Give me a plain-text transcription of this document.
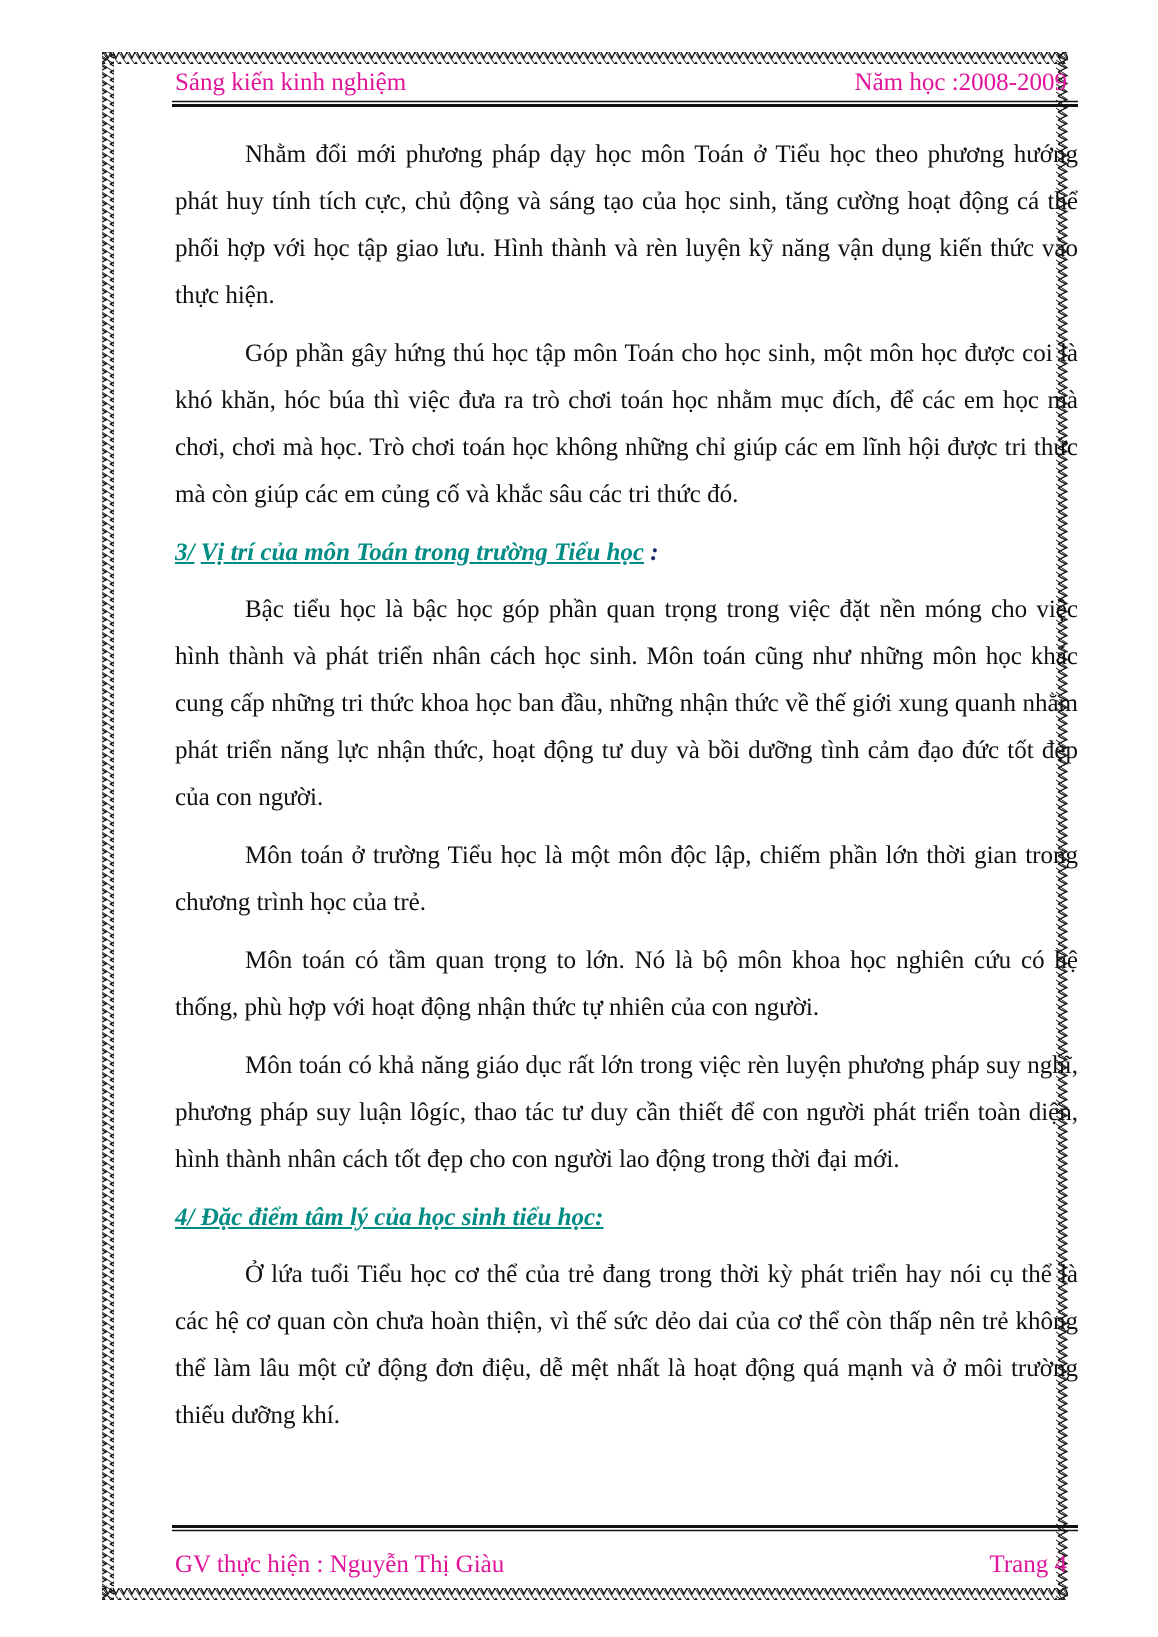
Sáng kiến kinh nghiệm	Năm học :2008-2009

Nhằm đổi mới phương pháp dạy học môn Toán ở Tiểu học theo phương hướng phát huy tính tích cực, chủ động và sáng tạo của học sinh, tăng cường hoạt động cá thể phối hợp với học tập giao lưu. Hình thành và rèn luyện kỹ năng vận dụng kiến thức vào thực hiện.

Góp phần gây hứng thú học tập môn Toán cho học sinh, một môn học được coi là khó khăn, hóc búa thì việc đưa ra trò chơi toán học nhằm mục đích, để các em học mà chơi, chơi mà học. Trò chơi toán học không những chỉ giúp các em lĩnh hội được tri thức mà còn giúp các em củng cố và khắc sâu các tri thức đó.

3/ Vị trí của môn Toán trong trường Tiểu học :

Bậc tiểu học là bậc học góp phần quan trọng trong việc đặt nền móng cho việc hình thành và phát triển nhân cách học sinh. Môn toán cũng như những môn học khác cung cấp những tri thức khoa học ban đầu, những nhận thức về thế giới xung quanh nhằm phát triển năng lực nhận thức, hoạt động tư duy và bồi dưỡng tình cảm đạo đức tốt đẹp của con người.

Môn toán ở trường Tiểu học là một môn độc lập, chiếm phần lớn thời gian trong chương trình học của trẻ.

Môn toán có tầm quan trọng to lớn. Nó là bộ môn khoa học nghiên cứu có hệ thống, phù hợp với hoạt động nhận thức tự nhiên của con người.

Môn toán có khả năng giáo dục rất lớn trong việc rèn luyện phương pháp suy nghĩ, phương pháp suy luận lôgíc, thao tác tư duy cần thiết để con người phát triển toàn diện, hình thành nhân cách tốt đẹp cho con người lao động trong thời đại mới.

4/ Đặc điểm tâm lý của học sinh tiểu học:

Ở lứa tuổi Tiểu học cơ thể của trẻ đang trong thời kỳ phát triển hay nói cụ thể là các hệ cơ quan còn chưa hoàn thiện, vì thế sức dẻo dai của cơ thể còn thấp nên trẻ không thể làm lâu một cử động đơn điệu, dễ mệt nhất là hoạt động quá mạnh và ở môi trường thiếu dưỡng khí.

GV thực hiện : Nguyễn Thị Giàu	Trang 4
